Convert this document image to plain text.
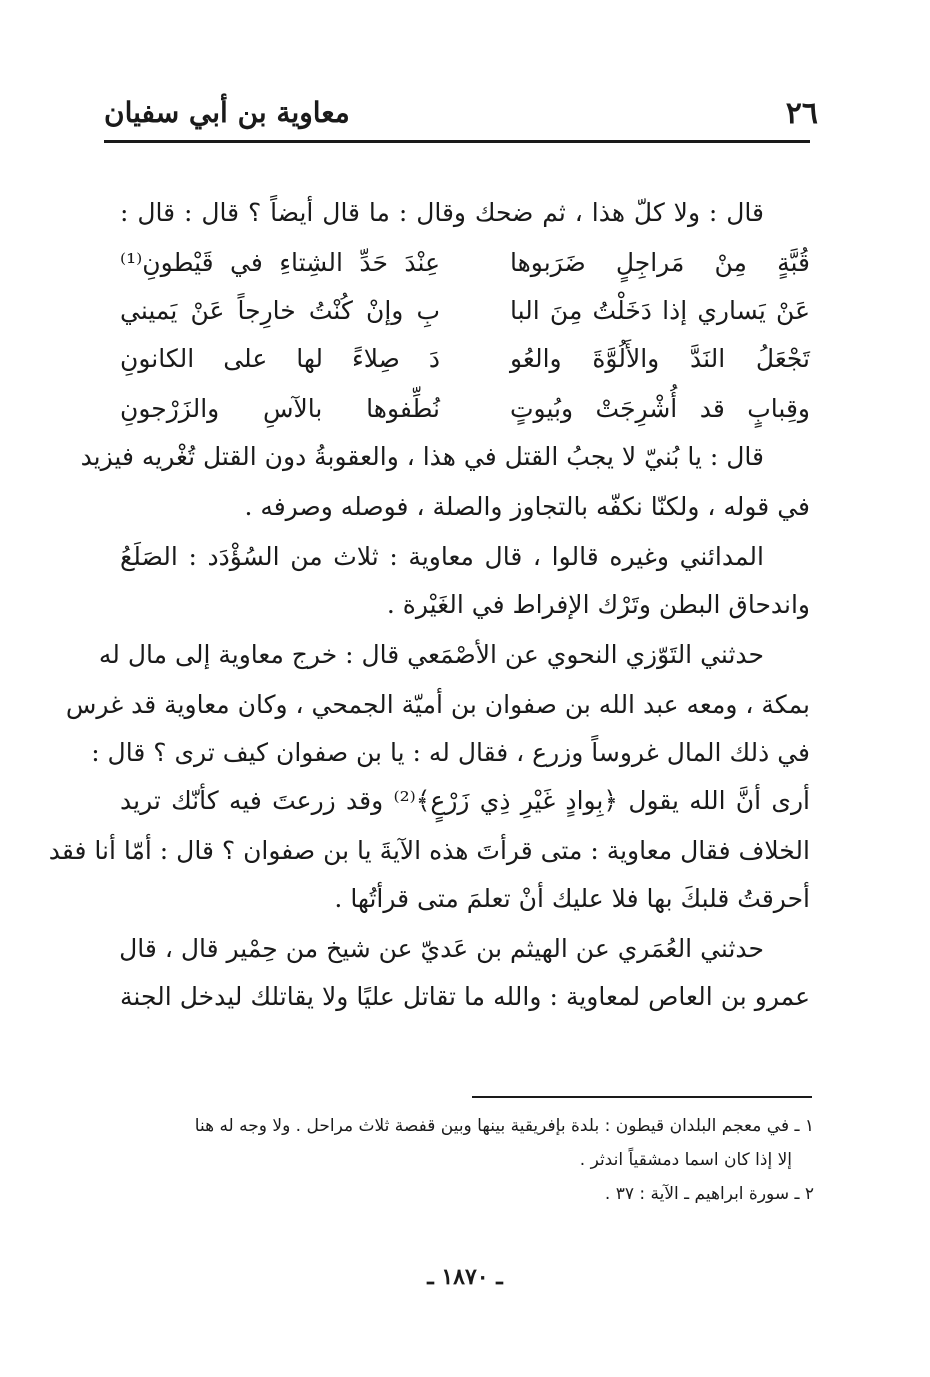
٢٦
معاوية بن أبي سفيان
قال : ولا كلّ هذا ، ثم ضحك وقال : ما قال أيضاً ؟ قال : قال :
قُبَّةٍ مِنْ مَراجِلٍ ضَرَبوها
عِنْدَ حَدِّ الشِتاءِ في قَيْطونِ⁽¹⁾
عَنْ يَساري إذا دَخَلْتُ مِنَ البا
بِ وإنْ كُنْتُ خارِجاً عَنْ يَميني
تَجْعَلُ النَدَّ والأَلُوَّةَ والعُو
دَ صِلاءً لها على الكانونِ
وقِبابٍ قد أُشْرِجَتْ وبُيوتٍ
نُطِّفوها بالآسِ والزَرْجونِ
قال : يا بُنيّ لا يجبُ القتل في هذا ، والعقوبةُ دون القتل تُغْريه فيزيد
في قوله ، ولكنّا نكفّه بالتجاوز والصلة ، فوصله وصرفه .
المدائني وغيره قالوا ، قال معاوية : ثلاث من السُؤْدَد : الصَلَعُ
واندحاق البطن وتَرْك الإفراط في الغَيْرة .
حدثني التَوّزي النحوي عن الأصْمَعي قال : خرج معاوية إلى مال له
بمكة ، ومعه عبد الله بن صفوان بن أميّة الجمحي ، وكان معاوية قد غرس
في ذلك المال غروساً وزرع ، فقال له : يا بن صفوان كيف ترى ؟ قال :
أرى أنَّ الله يقول ﴿بِوادٍ غَيْرِ ذِي زَرْعٍ﴾⁽²⁾ وقد زرعتَ فيه كأنّك تريد
الخلاف فقال معاوية : متى قرأتَ هذه الآيةَ يا بن صفوان ؟ قال : أمّا أنا فقد
أحرقتُ قلبكَ بها فلا عليك أنْ تعلمَ متى قرأتُها .
حدثني العُمَري عن الهيثم بن عَديّ عن شيخ من حِمْير قال ، قال
عمرو بن العاص لمعاوية : والله ما تقاتل عليًا ولا يقاتلك ليدخل الجنة
١ ـ في معجم البلدان قيطون : بلدة بإفريقية بينها وبين قفصة ثلاث مراحل . ولا وجه له هنا
إلا إذا كان اسما دمشقياً اندثر .
٢ ـ سورة ابراهيم ـ الآية : ٣٧ .
ـ ١٨٧٠ ـ
